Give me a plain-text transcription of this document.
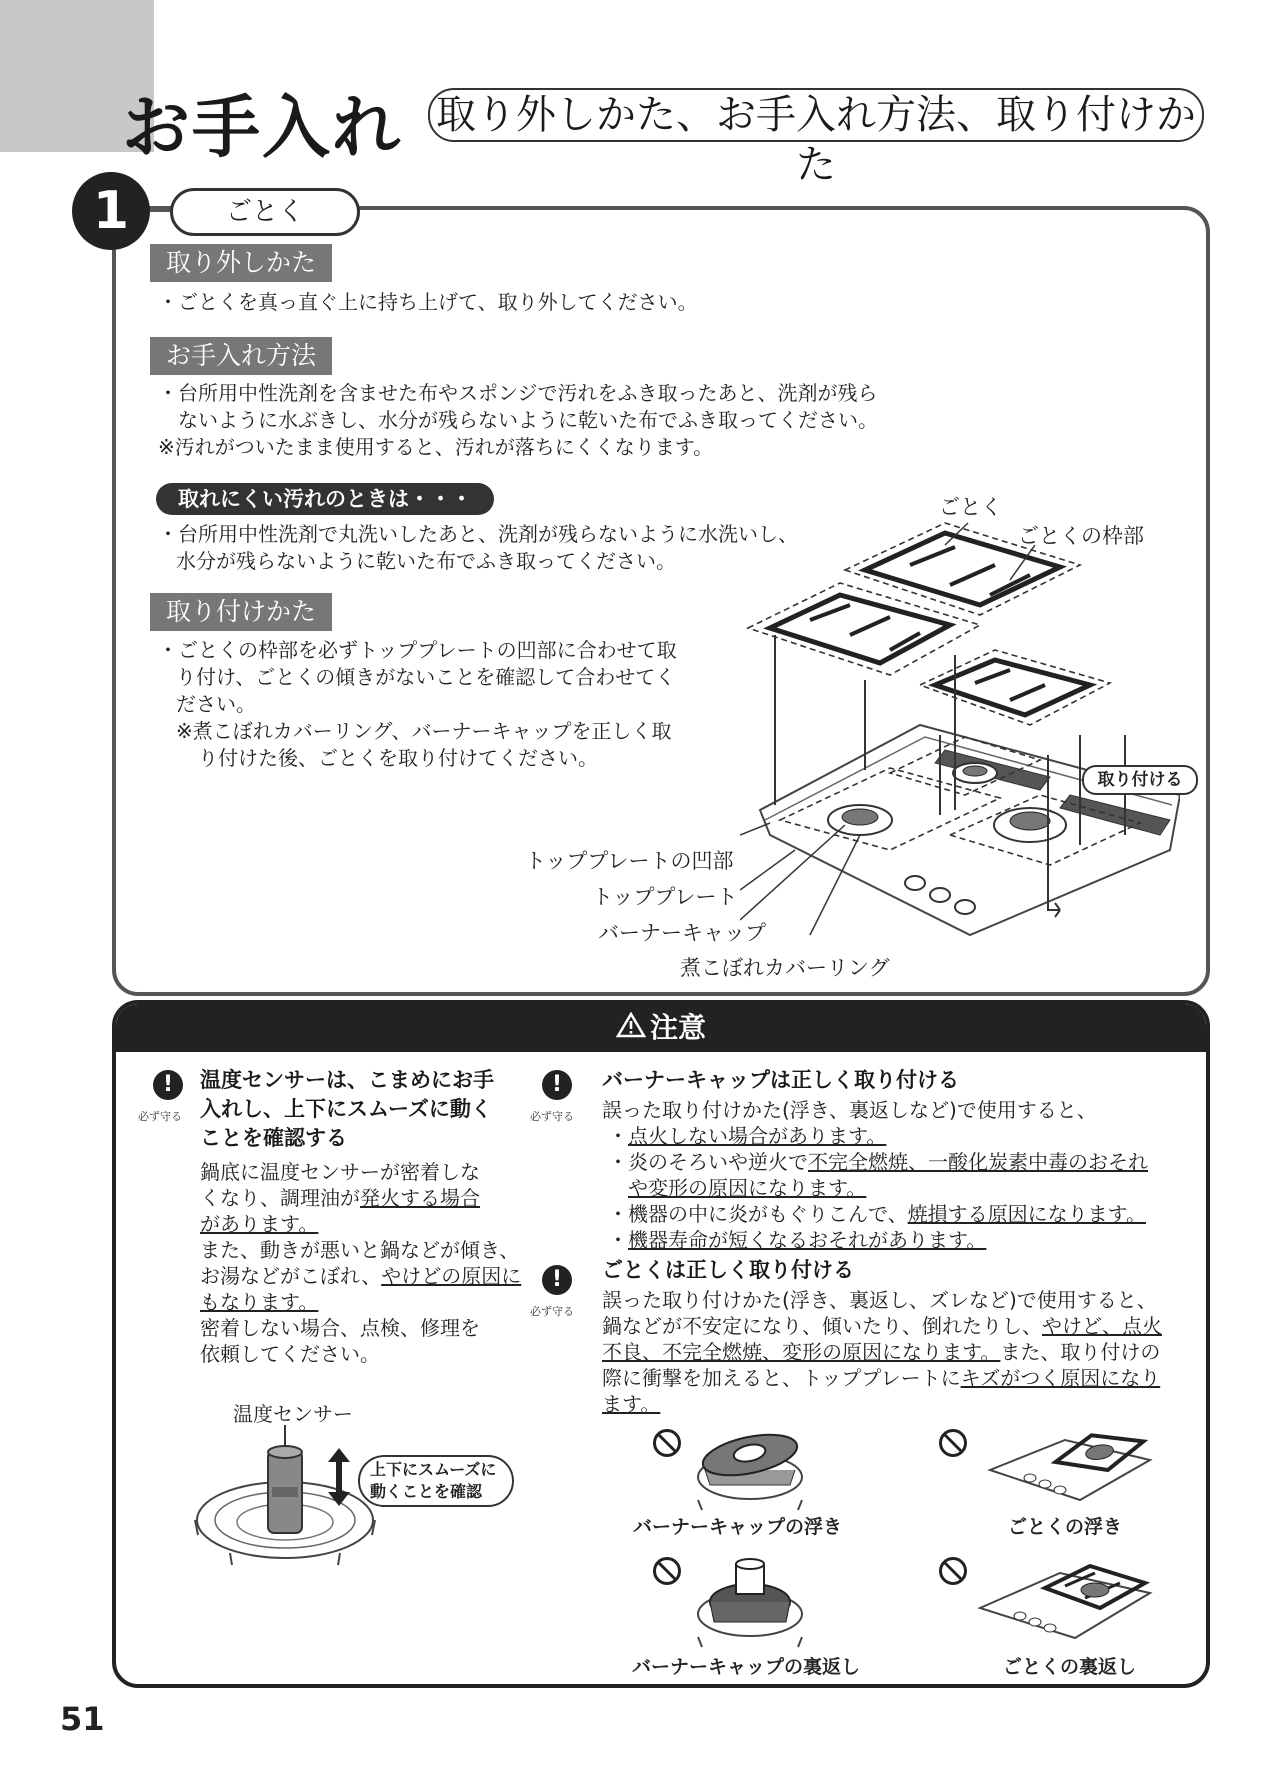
お手入れ 取り外しかた、お手入れ方法、取り付けかた
1	ごとく
取り外しかた
・ごとくを真っ直ぐ上に持ち上げて、取り外してください。
お手入れ方法
・台所用中性洗剤を含ませた布やスポンジで汚れをふき取ったあと、洗剤が残ら
ないように水ぶきし、水分が残らないように乾いた布でふき取ってください。
※汚れがついたまま使用すると、汚れが落ちにくくなります。
取れにくい汚れのときは・・・
・台所用中性洗剤で丸洗いしたあと、洗剤が残らないように水洗いし、
水分が残らないように乾いた布でふき取ってください。
取り付けかた
・ごとくの枠部を必ずトッププレートの凹部に合わせて取
り付け、ごとくの傾きがないことを確認して合わせてく
ださい。
※煮こぼれカバーリング、バーナーキャップを正しく取
り付けた後、ごとくを取り付けてください。
ごとく
ごとくの枠部
取り付ける
トッププレートの凹部
トッププレート
バーナーキャップ
煮こぼれカバーリング
注意
!
必ず守る
温度センサーは、こまめにお手
入れし、上下にスムーズに動く
ことを確認する
鍋底に温度センサーが密着しな
くなり、調理油が発火する場合
があります。
また、動きが悪いと鍋などが傾き、
お湯などがこぼれ、やけどの原因に
もなります。
密着しない場合、点検、修理を
依頼してください。
温度センサー
上下にスムーズに
動くことを確認
!
必ず守る
バーナーキャップは正しく取り付ける
誤った取り付けかた(浮き、裏返しなど)で使用すると、
・点火しない場合があります。
・炎のそろいや逆火で不完全燃焼、一酸化炭素中毒のおそれ
や変形の原因になります。
・機器の中に炎がもぐりこんで、焼損する原因になります。
・機器寿命が短くなるおそれがあります。
!
必ず守る
ごとくは正しく取り付ける
誤った取り付けかた(浮き、裏返し、ズレなど)で使用すると、
鍋などが不安定になり、傾いたり、倒れたりし、やけど、点火
不良、不完全燃焼、変形の原因になります。また、取り付けの
際に衝撃を加えると、トッププレートにキズがつく原因になり
ます。
バーナーキャップの浮き	ごとくの浮き
バーナーキャップの裏返し	ごとくの裏返し
51
